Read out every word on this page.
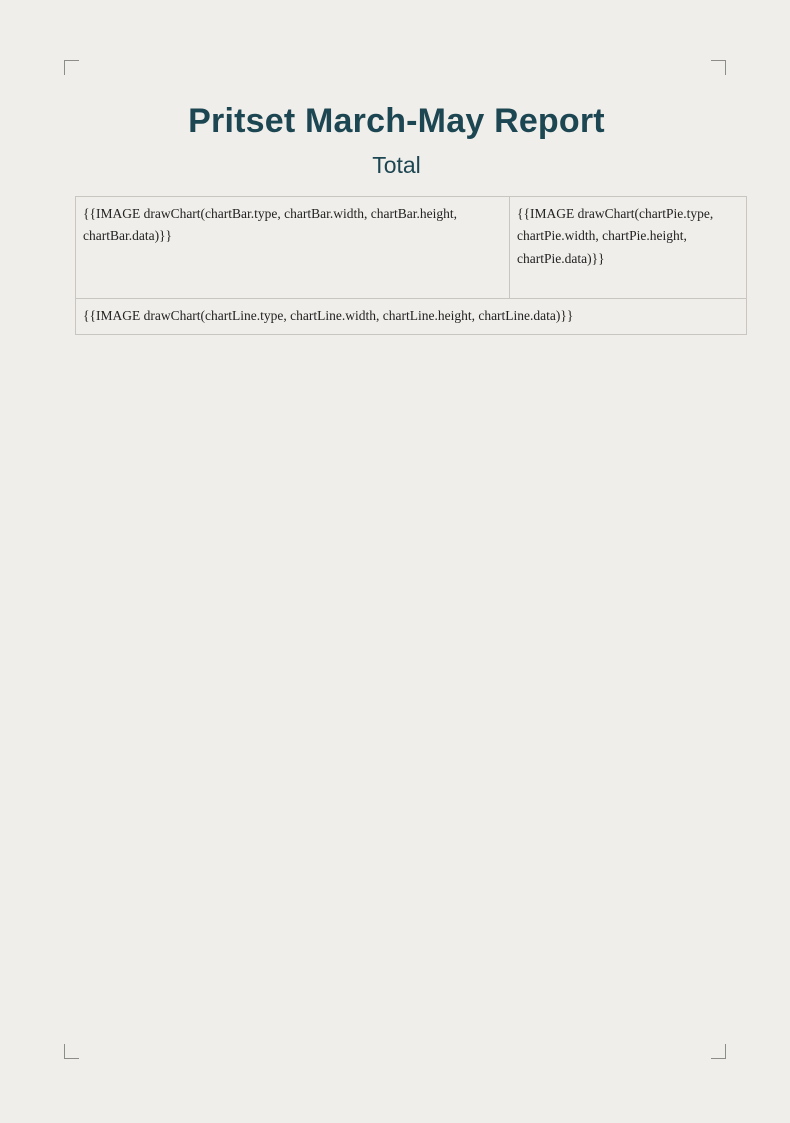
Pritset March-May Report
Total
{{IMAGE drawChart(chartBar.type, chartBar.width, chartBar.height, chartBar.data)}}	{{IMAGE drawChart(chartPie.type, chartPie.width, chartPie.height, chartPie.data)}}
{{IMAGE drawChart(chartLine.type, chartLine.width, chartLine.height, chartLine.data)}}
